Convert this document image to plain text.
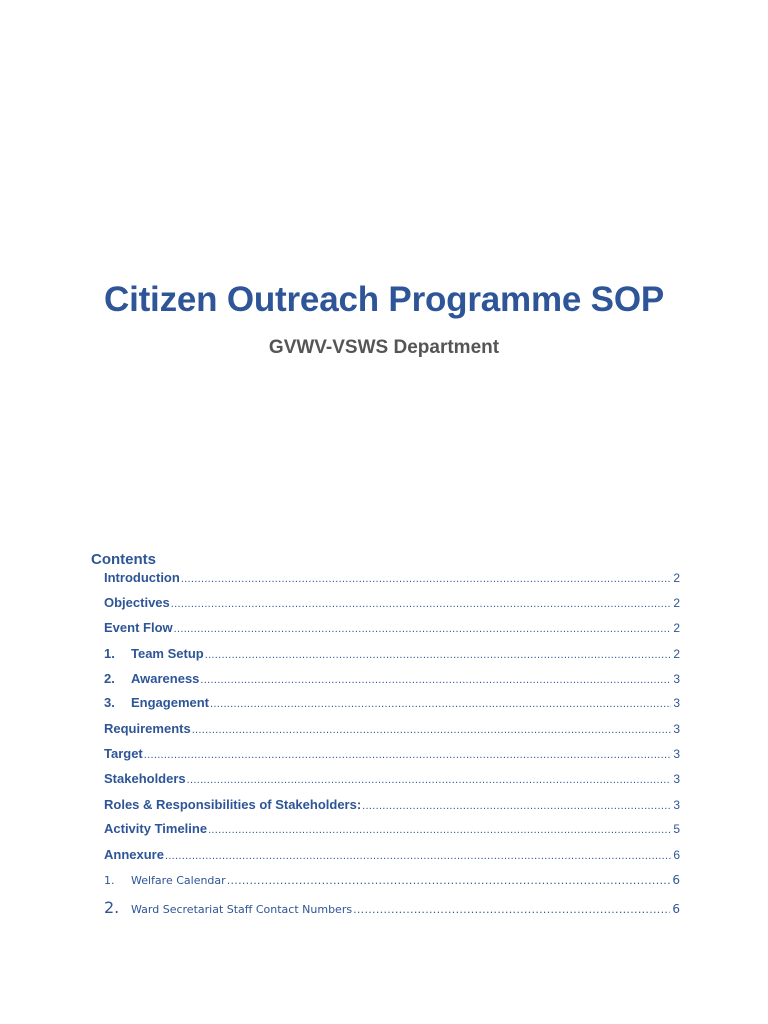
Citizen Outreach Programme SOP
GVWV-VSWS Department
Contents
Introduction .....	2
Objectives .....	2
Event Flow .....	2
1.	Team Setup .....	2
2.	Awareness .....	3
3.	Engagement .....	3
Requirements .....	3
Target .....	3
Stakeholders .....	3
Roles & Responsibilities of Stakeholders: .....	3
Activity Timeline .....	5
Annexure .....	6
1.	Welfare Calendar .....	6
2.	Ward Secretariat Staff Contact Numbers .....	6
